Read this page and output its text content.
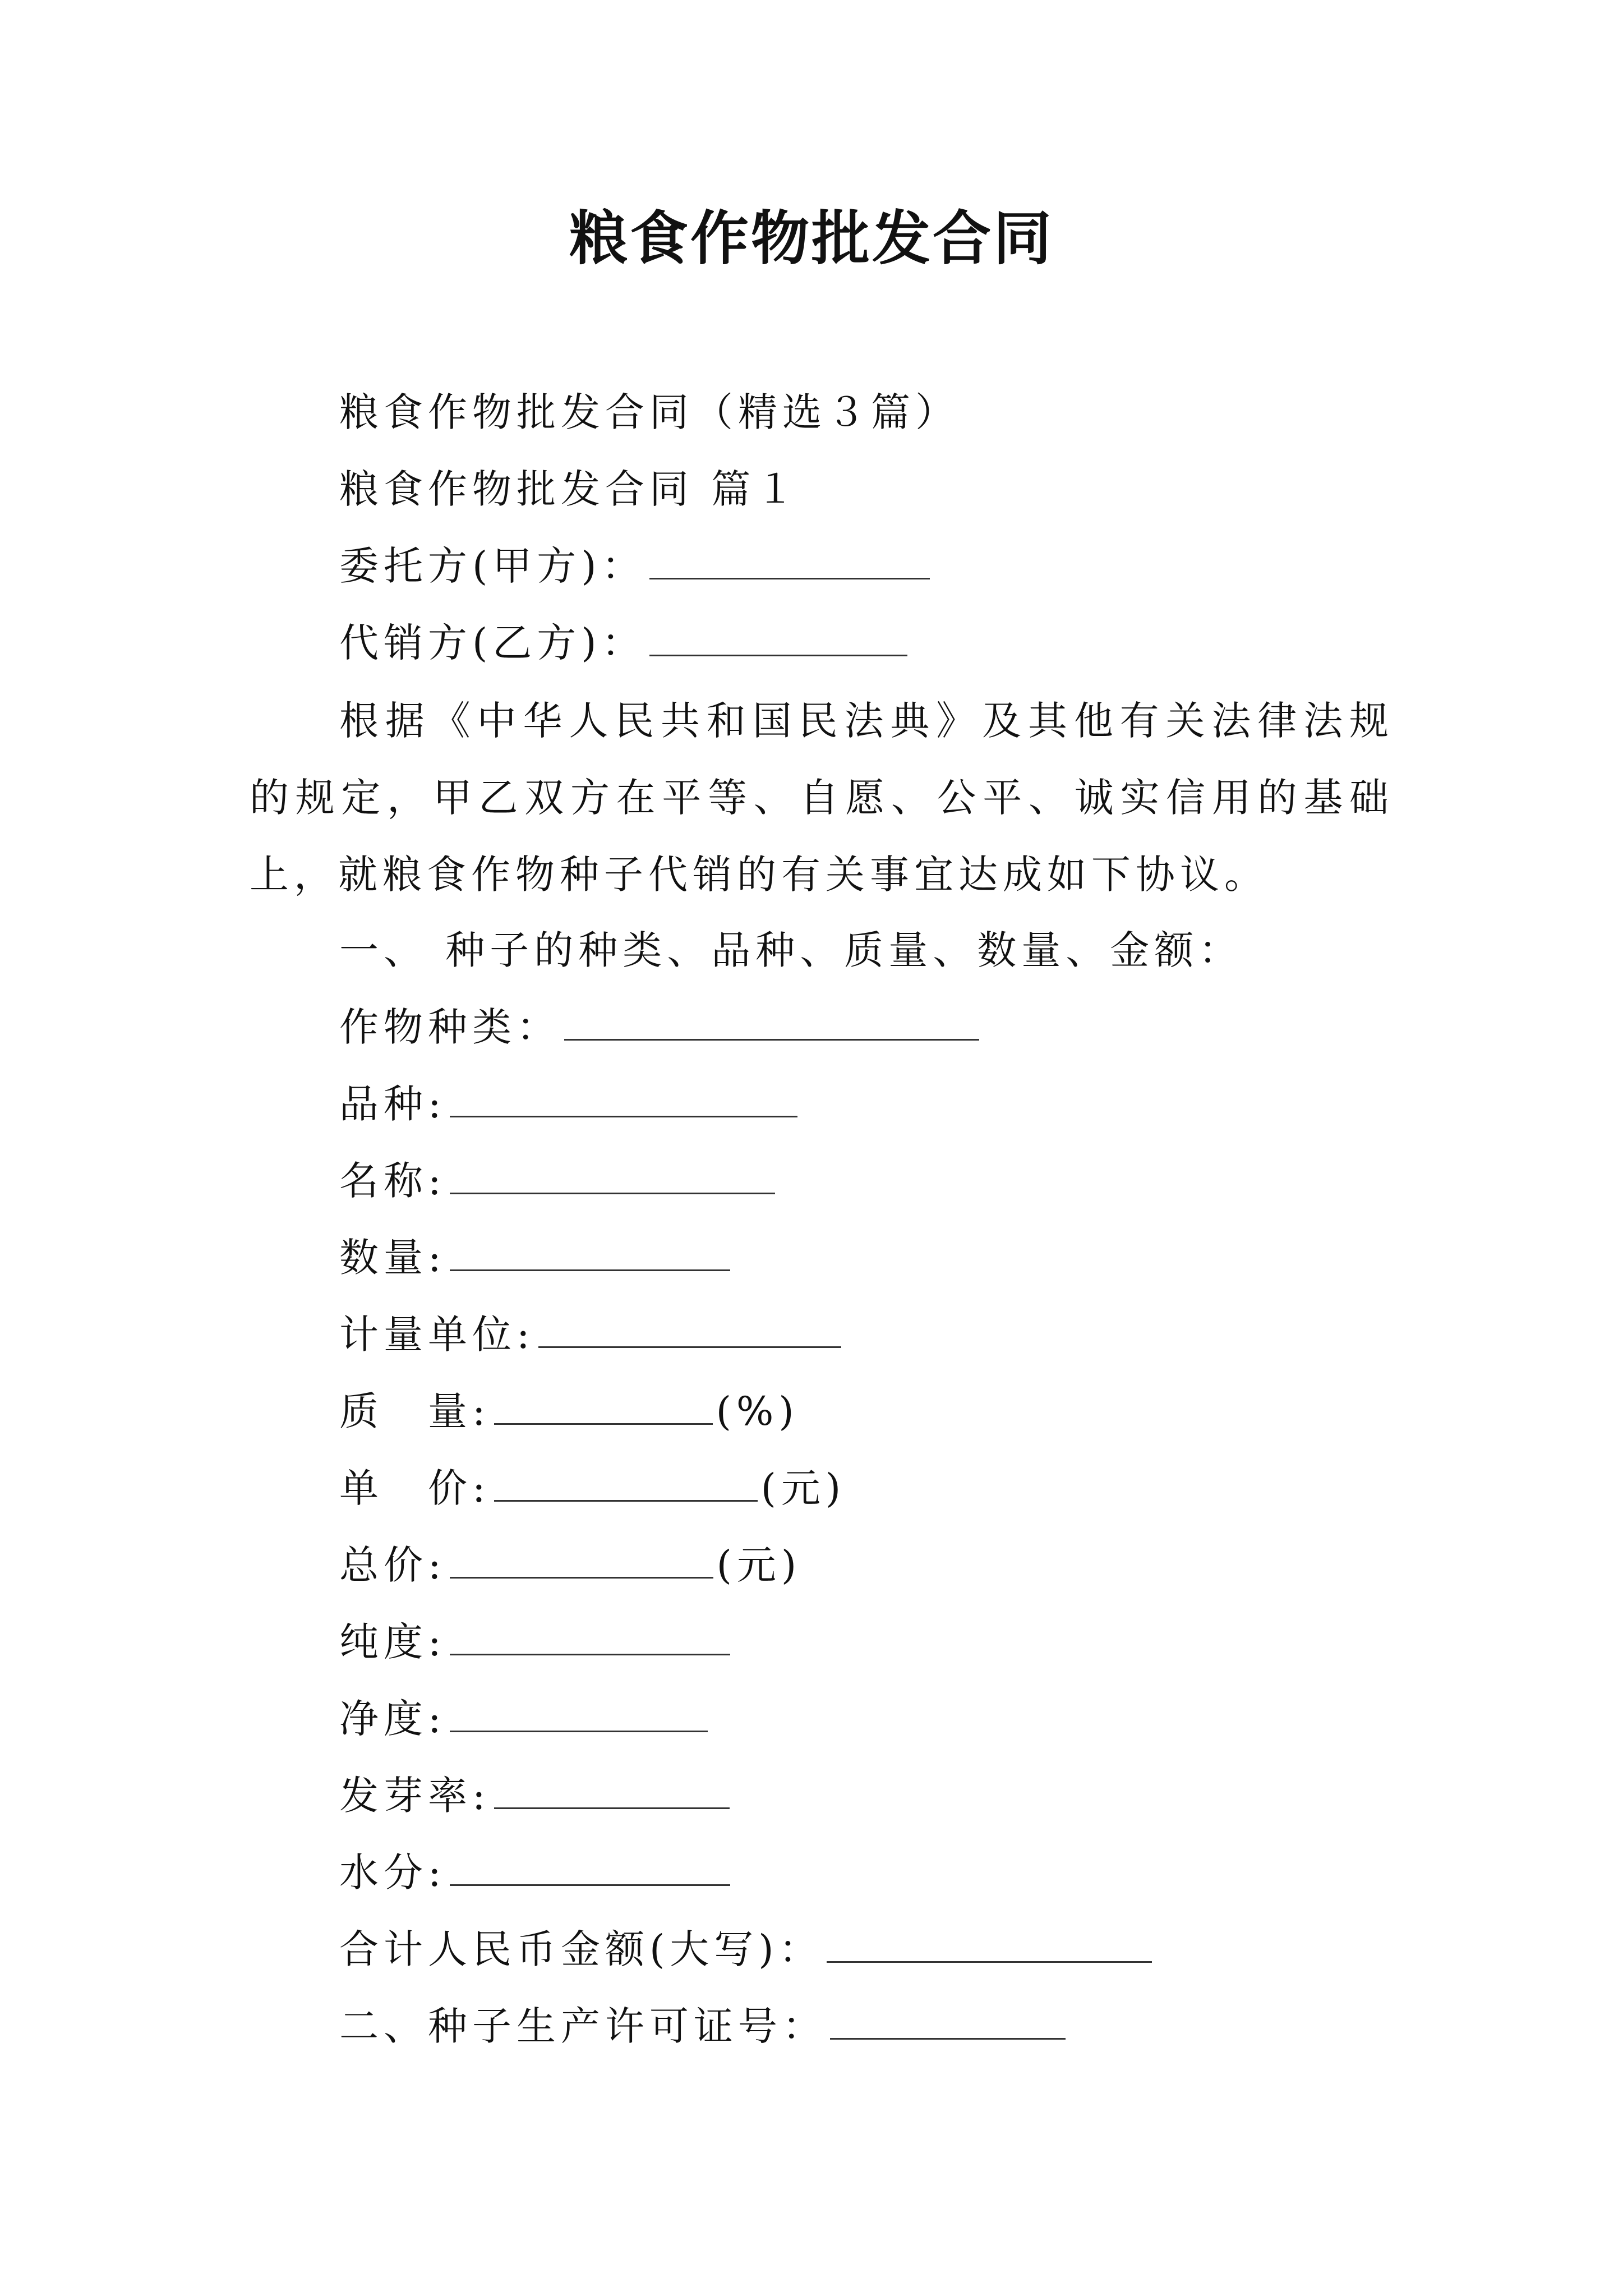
粮食作物批发合同
粮食作物批发合同（精选３篇）
粮食作物批发合同 篇１
委托方(甲方)：
代销方(乙方)：
根据《中华人民共和国民法典》及其他有关法律法规的规定，甲乙双方在平等、自愿、公平、诚实信用的基础上，就粮食作物种子代销的有关事宜达成如下协议。
一、 种子的种类、品种、质量、数量、金额：
作物种类：
品种:
名称:
数量:
计量单位:
质　量:	(%)
单　价:	(元)
总价:	(元)
纯度:
净度:
发芽率:
水分:
合计人民币金额(大写)：
二、种子生产许可证号：
